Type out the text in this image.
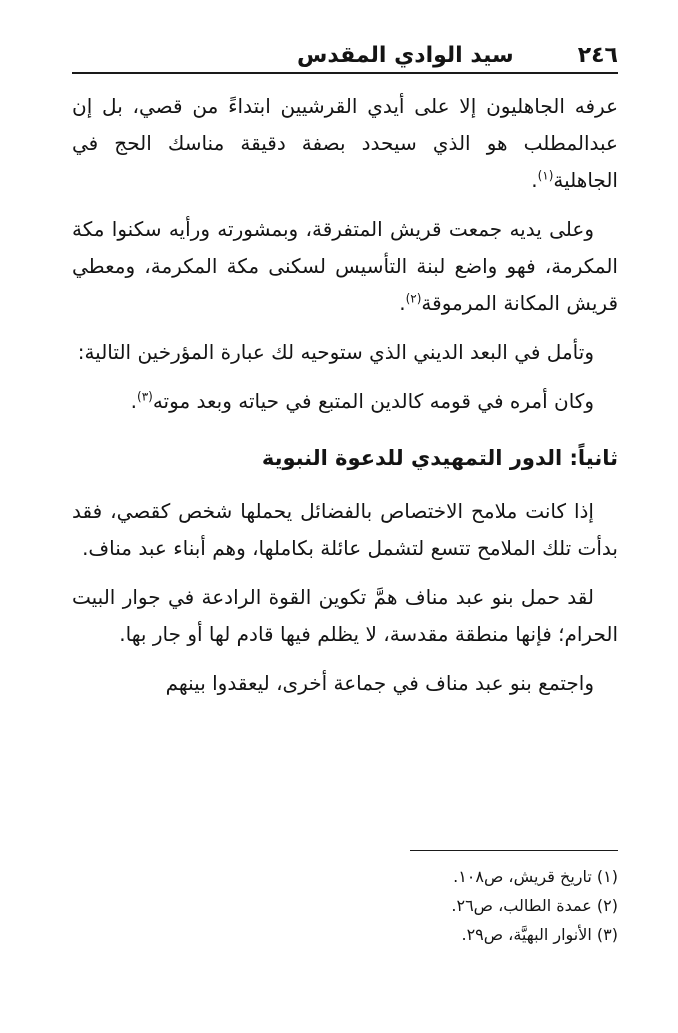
٢٤٦
سيد الوادي المقدس

عرفه الجاهليون إلا على أيدي القرشيين ابتداءً من قصي، بل إن عبدالمطلب هو الذي سيحدد بصفة دقيقة مناسك الحج في الجاهلية$^{(١)}$.

وعلى يديه جمعت قريش المتفرقة، وبمشورته ورأيه سكنوا مكة المكرمة، فهو واضع لبنة التأسيس لسكنى مكة المكرمة، ومعطي قريش المكانة المرموقة$^{(٢)}$.

وتأمل في البعد الديني الذي ستوحيه لك عبارة المؤرخين التالية:

وكان أمره في قومه كالدين المتبع في حياته وبعد موته$^{(٣)}$.

ثانياً: الدور التمهيدي للدعوة النبوية

إذا كانت ملامح الاختصاص بالفضائل يحملها شخص كقصي، فقد بدأت تلك الملامح تتسع لتشمل عائلة بكاملها، وهم أبناء عبد مناف.

لقد حمل بنو عبد مناف همَّ تكوين القوة الرادعة في جوار البيت الحرام؛ فإنها منطقة مقدسة، لا يظلم فيها قادم لها أو جار بها.

واجتمع بنو عبد مناف في جماعة أخرى، ليعقدوا بينهم

(١) تاريخ قريش، ص١٠٨.

(٢) عمدة الطالب، ص٢٦.

(٣) الأنوار البهيَّة، ص٢٩.
